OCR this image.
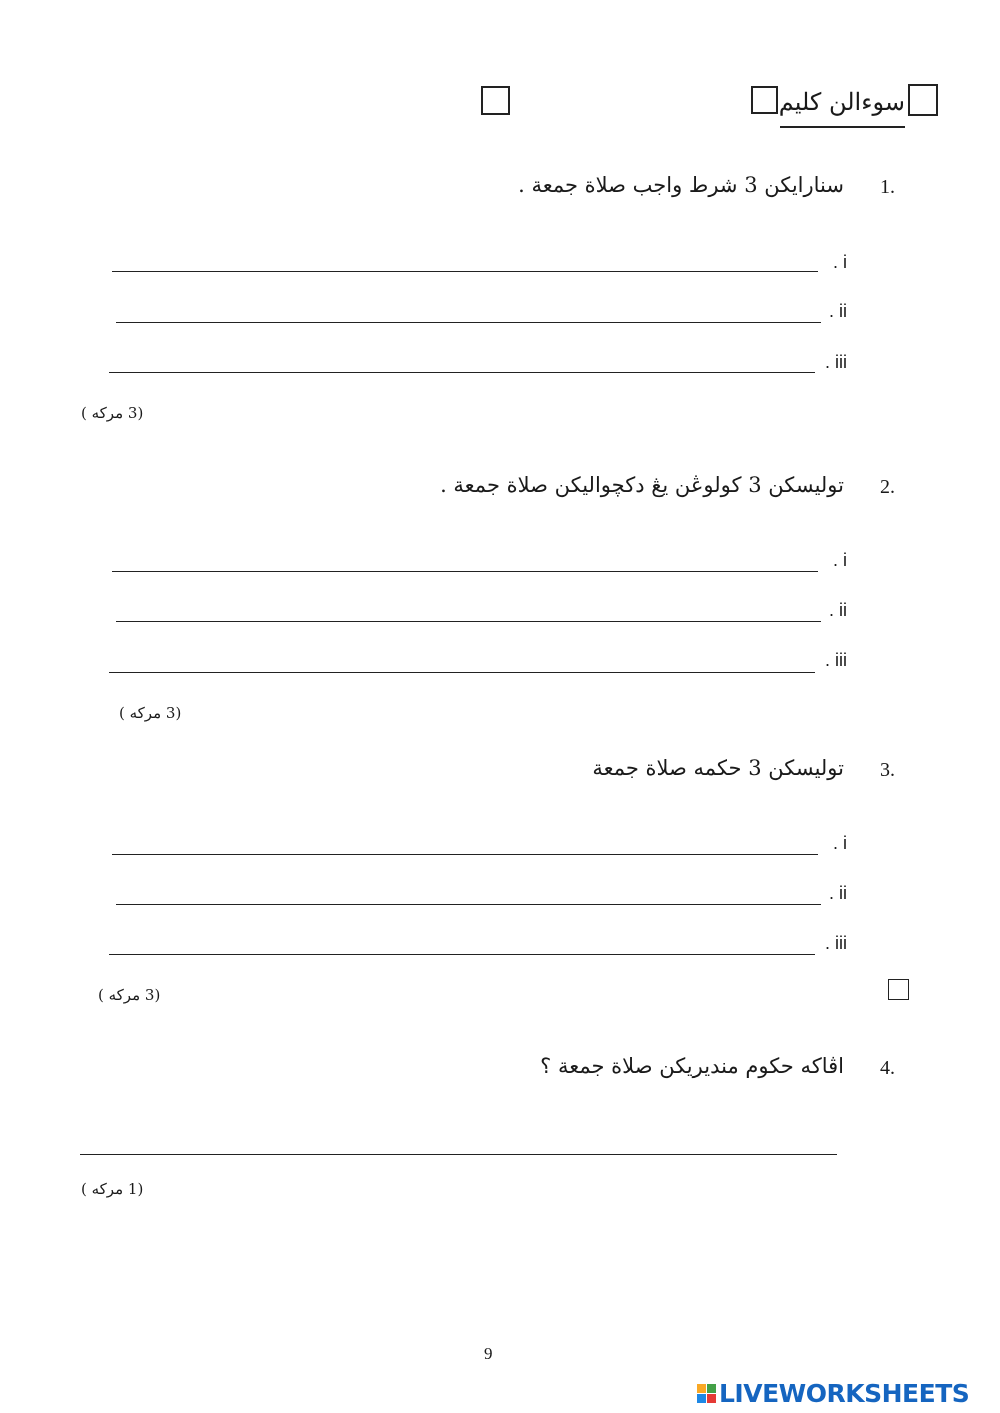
سوءالن كليم
1.
سنارايكن 3 شرط واجب صلاة جمعة .
. i
. ii
. iii
(3 مركه )
2.
توليسكن 3 كولوڠن يڠ دكچواليكن صلاة جمعة .
. i
. ii
. iii
(3 مركه )
3.
توليسكن 3 حكمه صلاة جمعة
. i
. ii
. iii
(3 مركه )
4.
اڤاكه حكوم منديريكن صلاة جمعة ؟
(1 مركه )
9
LIVEWORKSHEETS
